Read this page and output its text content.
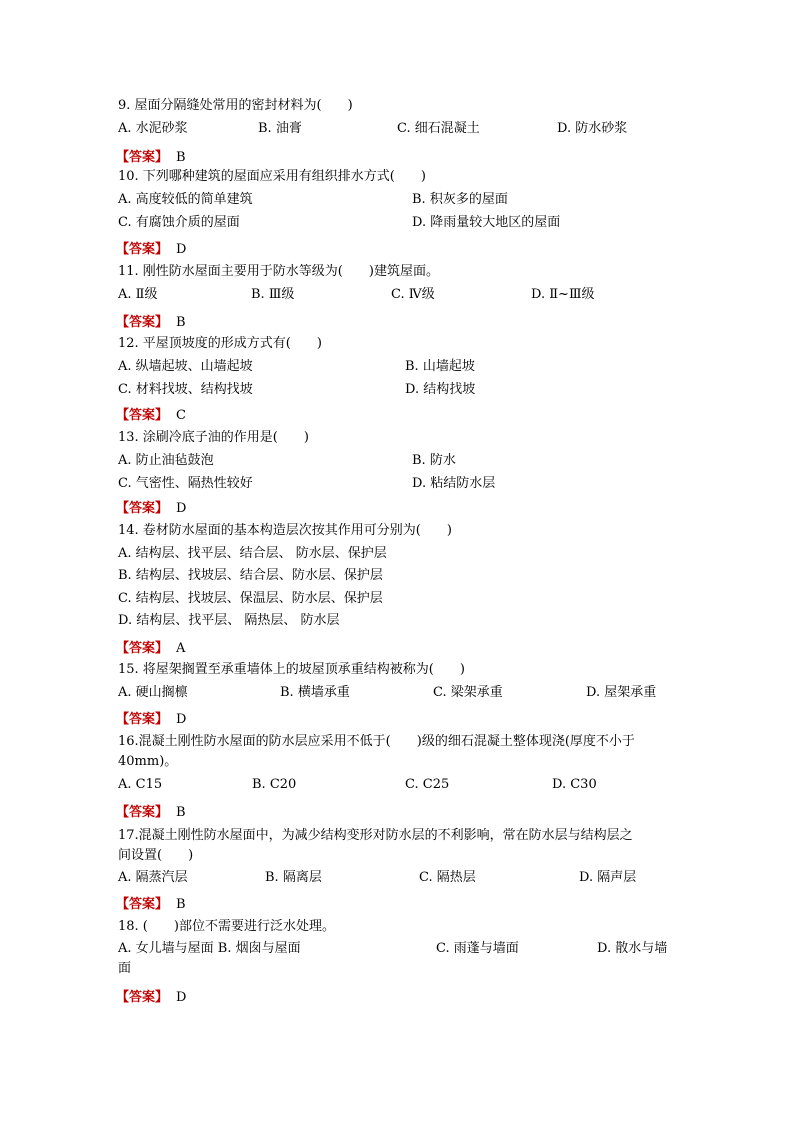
9. 屋面分隔缝处常用的密封材料为(　　)
A. 水泥砂浆	B. 油膏	C. 细石混凝土	D. 防水砂浆
【答案】 B
10. 下列哪种建筑的屋面应采用有组织排水方式(　　)
A. 高度较低的简单建筑	B. 积灰多的屋面
C. 有腐蚀介质的屋面	D. 降雨量较大地区的屋面
【答案】 D
11. 刚性防水屋面主要用于防水等级为(　　)建筑屋面。
A. Ⅱ级	B. Ⅲ级	C. Ⅳ级	D. Ⅱ~Ⅲ级
【答案】 B
12. 平屋顶坡度的形成方式有(　　)
A. 纵墙起坡、山墙起坡	B. 山墙起坡
C. 材料找坡、结构找坡	D. 结构找坡
【答案】 C
13. 涂刷冷底子油的作用是(　　)
A. 防止油毡鼓泡	B. 防水
C. 气密性、隔热性较好	D. 粘结防水层
【答案】 D
14. 卷材防水屋面的基本构造层次按其作用可分别为(　　)
A. 结构层、找平层、结合层、 防水层、保护层
B. 结构层、找坡层、结合层、防水层、保护层
C. 结构层、找坡层、保温层、防水层、保护层
D. 结构层、找平层、 隔热层、 防水层
【答案】 A
15. 将屋架搁置至承重墙体上的坡屋顶承重结构被称为(　　)
A. 硬山搁檩	B. 横墙承重	C. 梁架承重	D. 屋架承重
【答案】 D
16.混凝土刚性防水屋面的防水层应采用不低于(　　)级的细石混凝土整体现浇(厚度不小于
40mm)。
A. C15	B. C20	C. C25	D. C30
【答案】 B
17.混凝土刚性防水屋面中，为减少结构变形对防水层的不利影响，常在防水层与结构层之
间设置(　　)
A. 隔蒸汽层	B. 隔离层	C. 隔热层	D. 隔声层
【答案】 B
18. (　　)部位不需要进行泛水处理。
A. 女儿墙与屋面 B. 烟囱与屋面	C. 雨蓬与墙面	D. 散水与墙
面
【答案】 D
